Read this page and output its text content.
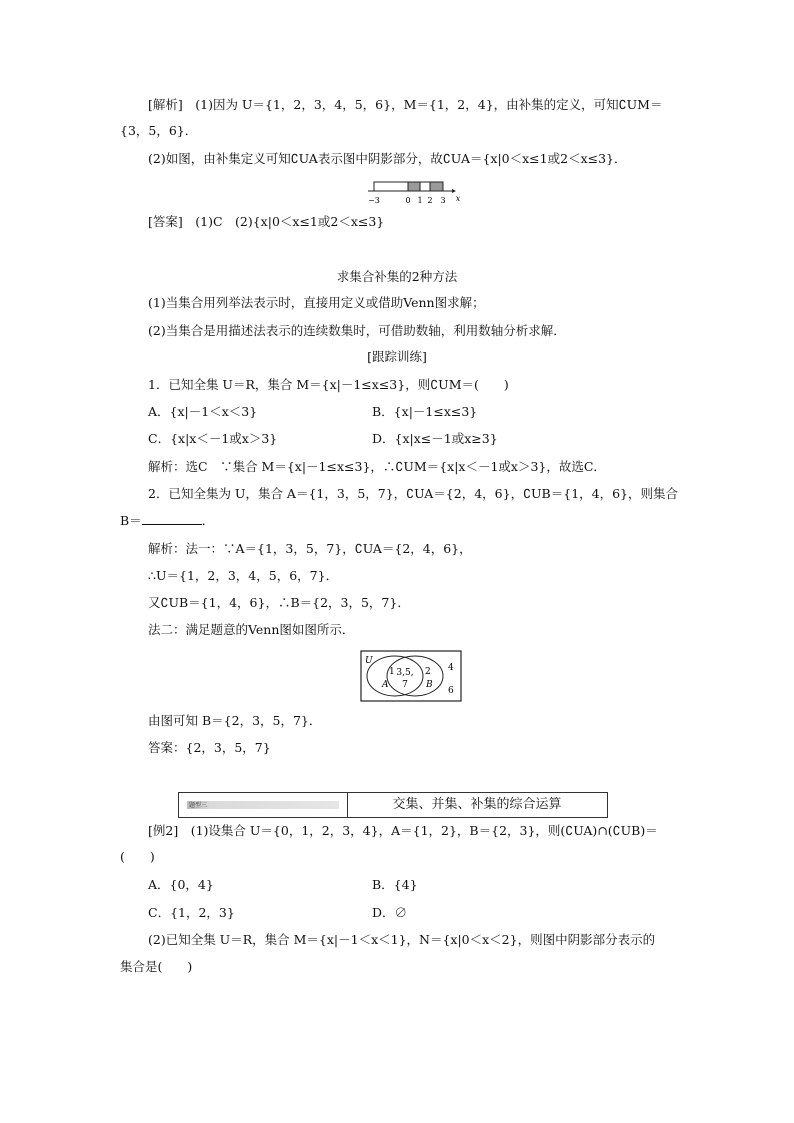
[解析]　(1)因为 U＝{1，2，3，4，5，6}，M＝{1，2，4}，由补集的定义，可知∁UM＝
{3，5，6}．
(2)如图，由补集定义可知∁UA表示图中阴影部分，故∁UA＝{x|0＜x≤1或2＜x≤3}．
−3	0 1 2 3 x
[答案]　(1)C　(2){x|0＜x≤1或2＜x≤3}
求集合补集的2种方法
(1)当集合用列举法表示时，直接用定义或借助Venn图求解；
(2)当集合是用描述法表示的连续数集时，可借助数轴，利用数轴分析求解．
[跟踪训练]
1．已知全集 U＝R，集合 M＝{x|－1≤x≤3}，则∁UM＝(　　)
A．{x|－1＜x＜3}	B．{x|－1≤x≤3}
C．{x|x＜－1或x＞3}	D．{x|x≤－1或x≥3}
解析：选C　∵集合 M＝{x|－1≤x≤3}，∴∁UM＝{x|x＜－1或x＞3}，故选C．
2．已知全集为 U，集合 A＝{1，3，5，7}，∁UA＝{2，4，6}，∁UB＝{1，4，6}，则集合
B＝	．
解析：法一：∵A＝{1，3，5，7}，∁UA＝{2，4，6}，
∴U＝{1，2，3，4，5，6，7}．
又∁UB＝{1，4，6}，∴B＝{2，3，5，7}．
法二：满足题意的Venn图如图所示．
U
1
A
3,5,
7
2
B
4
6
由图可知 B＝{2，3，5，7}．
答案：{2，3，5，7}
题型三	交集、并集、补集的综合运算
[例2]　(1)设集合 U＝{0，1，2，3，4}，A＝{1，2}，B＝{2，3}，则(∁UA)∩(∁UB)＝
(　　)
A．{0，4}	B．{4}
C．{1，2，3}	D．∅
(2)已知全集 U＝R，集合 M＝{x|－1＜x＜1}，N＝{x|0＜x＜2}，则图中阴影部分表示的
集合是(　　)
